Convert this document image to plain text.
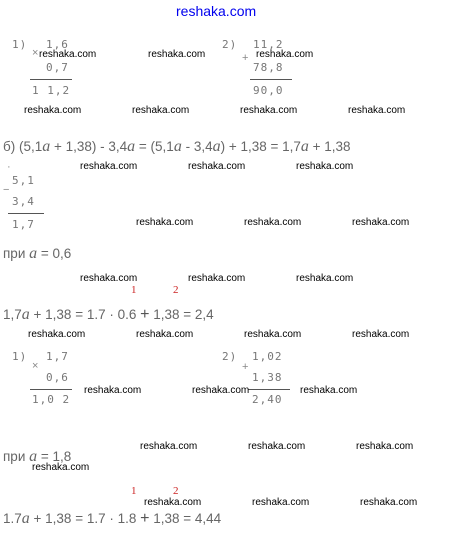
reshaka.com
1)
×
1,6
0,7
1 1,2
2)
+
11,2
78,8
90,0
б) (5,1a + 1,38) - 3,4a = (5,1a - 3,4a) + 1,38 = 1,7a + 1,38
·
5,1
−
3,4
1,7
при a = 0,6
1	2
1,7a + 1,38 = 1.7 · 0.6 + 1,38 = 2,4
1)
×
1,7
0,6
1,0 2
2)
+
1,02
1,38
2,40
при a = 1,8
1	2
1.7a + 1,38 = 1.7 · 1.8 + 1,38 = 4,44
reshaka.com	reshaka.com	reshaka.com
reshaka.com	reshaka.com	reshaka.com	reshaka.com
reshaka.com	reshaka.com	reshaka.com
reshaka.com	reshaka.com	reshaka.com
reshaka.com	reshaka.com	reshaka.com
reshaka.com	reshaka.com	reshaka.com	reshaka.com
reshaka.com	reshaka.com	reshaka.com
reshaka.com	reshaka.com	reshaka.com
reshaka.com
reshaka.com	reshaka.com	reshaka.com
